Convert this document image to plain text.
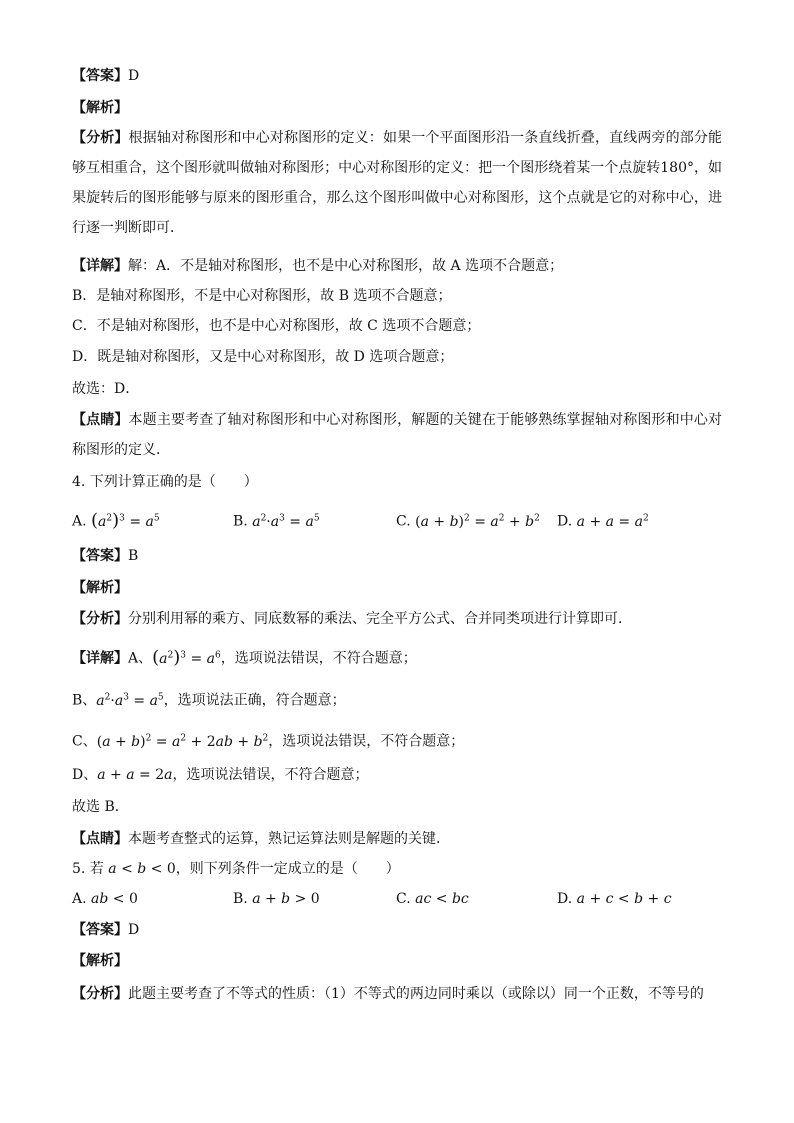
【答案】D
【解析】
【分析】根据轴对称图形和中心对称图形的定义：如果一个平面图形沿一条直线折叠，直线两旁的部分能够互相重合，这个图形就叫做轴对称图形；中心对称图形的定义：把一个图形绕着某一个点旋转180°，如果旋转后的图形能够与原来的图形重合，那么这个图形叫做中心对称图形，这个点就是它的对称中心，进行逐一判断即可．
【详解】解：A．不是轴对称图形，也不是中心对称图形，故 A 选项不合题意；
B．是轴对称图形，不是中心对称图形，故 B 选项不合题意；
C．不是轴对称图形，也不是中心对称图形，故 C 选项不合题意；
D．既是轴对称图形，又是中心对称图形，故 D 选项合题意；
故选：D．
【点睛】本题主要考查了轴对称图形和中心对称图形，解题的关键在于能够熟练掌握轴对称图形和中心对称图形的定义．
4. 下列计算正确的是（　　）
A. $(a^2)^3 = a^5$	B. $a^2\cdot a^3 = a^5$	C. $(a + b)^2 = a^2 + b^2$ D. $a + a = a^2$
【答案】B
【解析】
【分析】分别利用幂的乘方、同底数幂的乘法、完全平方公式、合并同类项进行计算即可．
【详解】A、$(a^2)^3 = a^6$，选项说法错误，不符合题意；
B、$a^2\cdot a^3 = a^5$，选项说法正确，符合题意；
C、$(a + b)^2 = a^2 + 2ab + b^2$，选项说法错误，不符合题意；
D、a + a = 2a，选项说法错误，不符合题意；
故选 B．
【点睛】本题考查整式的运算，熟记运算法则是解题的关键．
5. 若 a < b < 0，则下列条件一定成立的是（　　）
A. ab < 0	B. a + b > 0	C. ac < bc	D. a + c < b + c
【答案】D
【解析】
【分析】此题主要考查了不等式的性质：（1）不等式的两边同时乘以（或除以）同一个正数，不等号的
